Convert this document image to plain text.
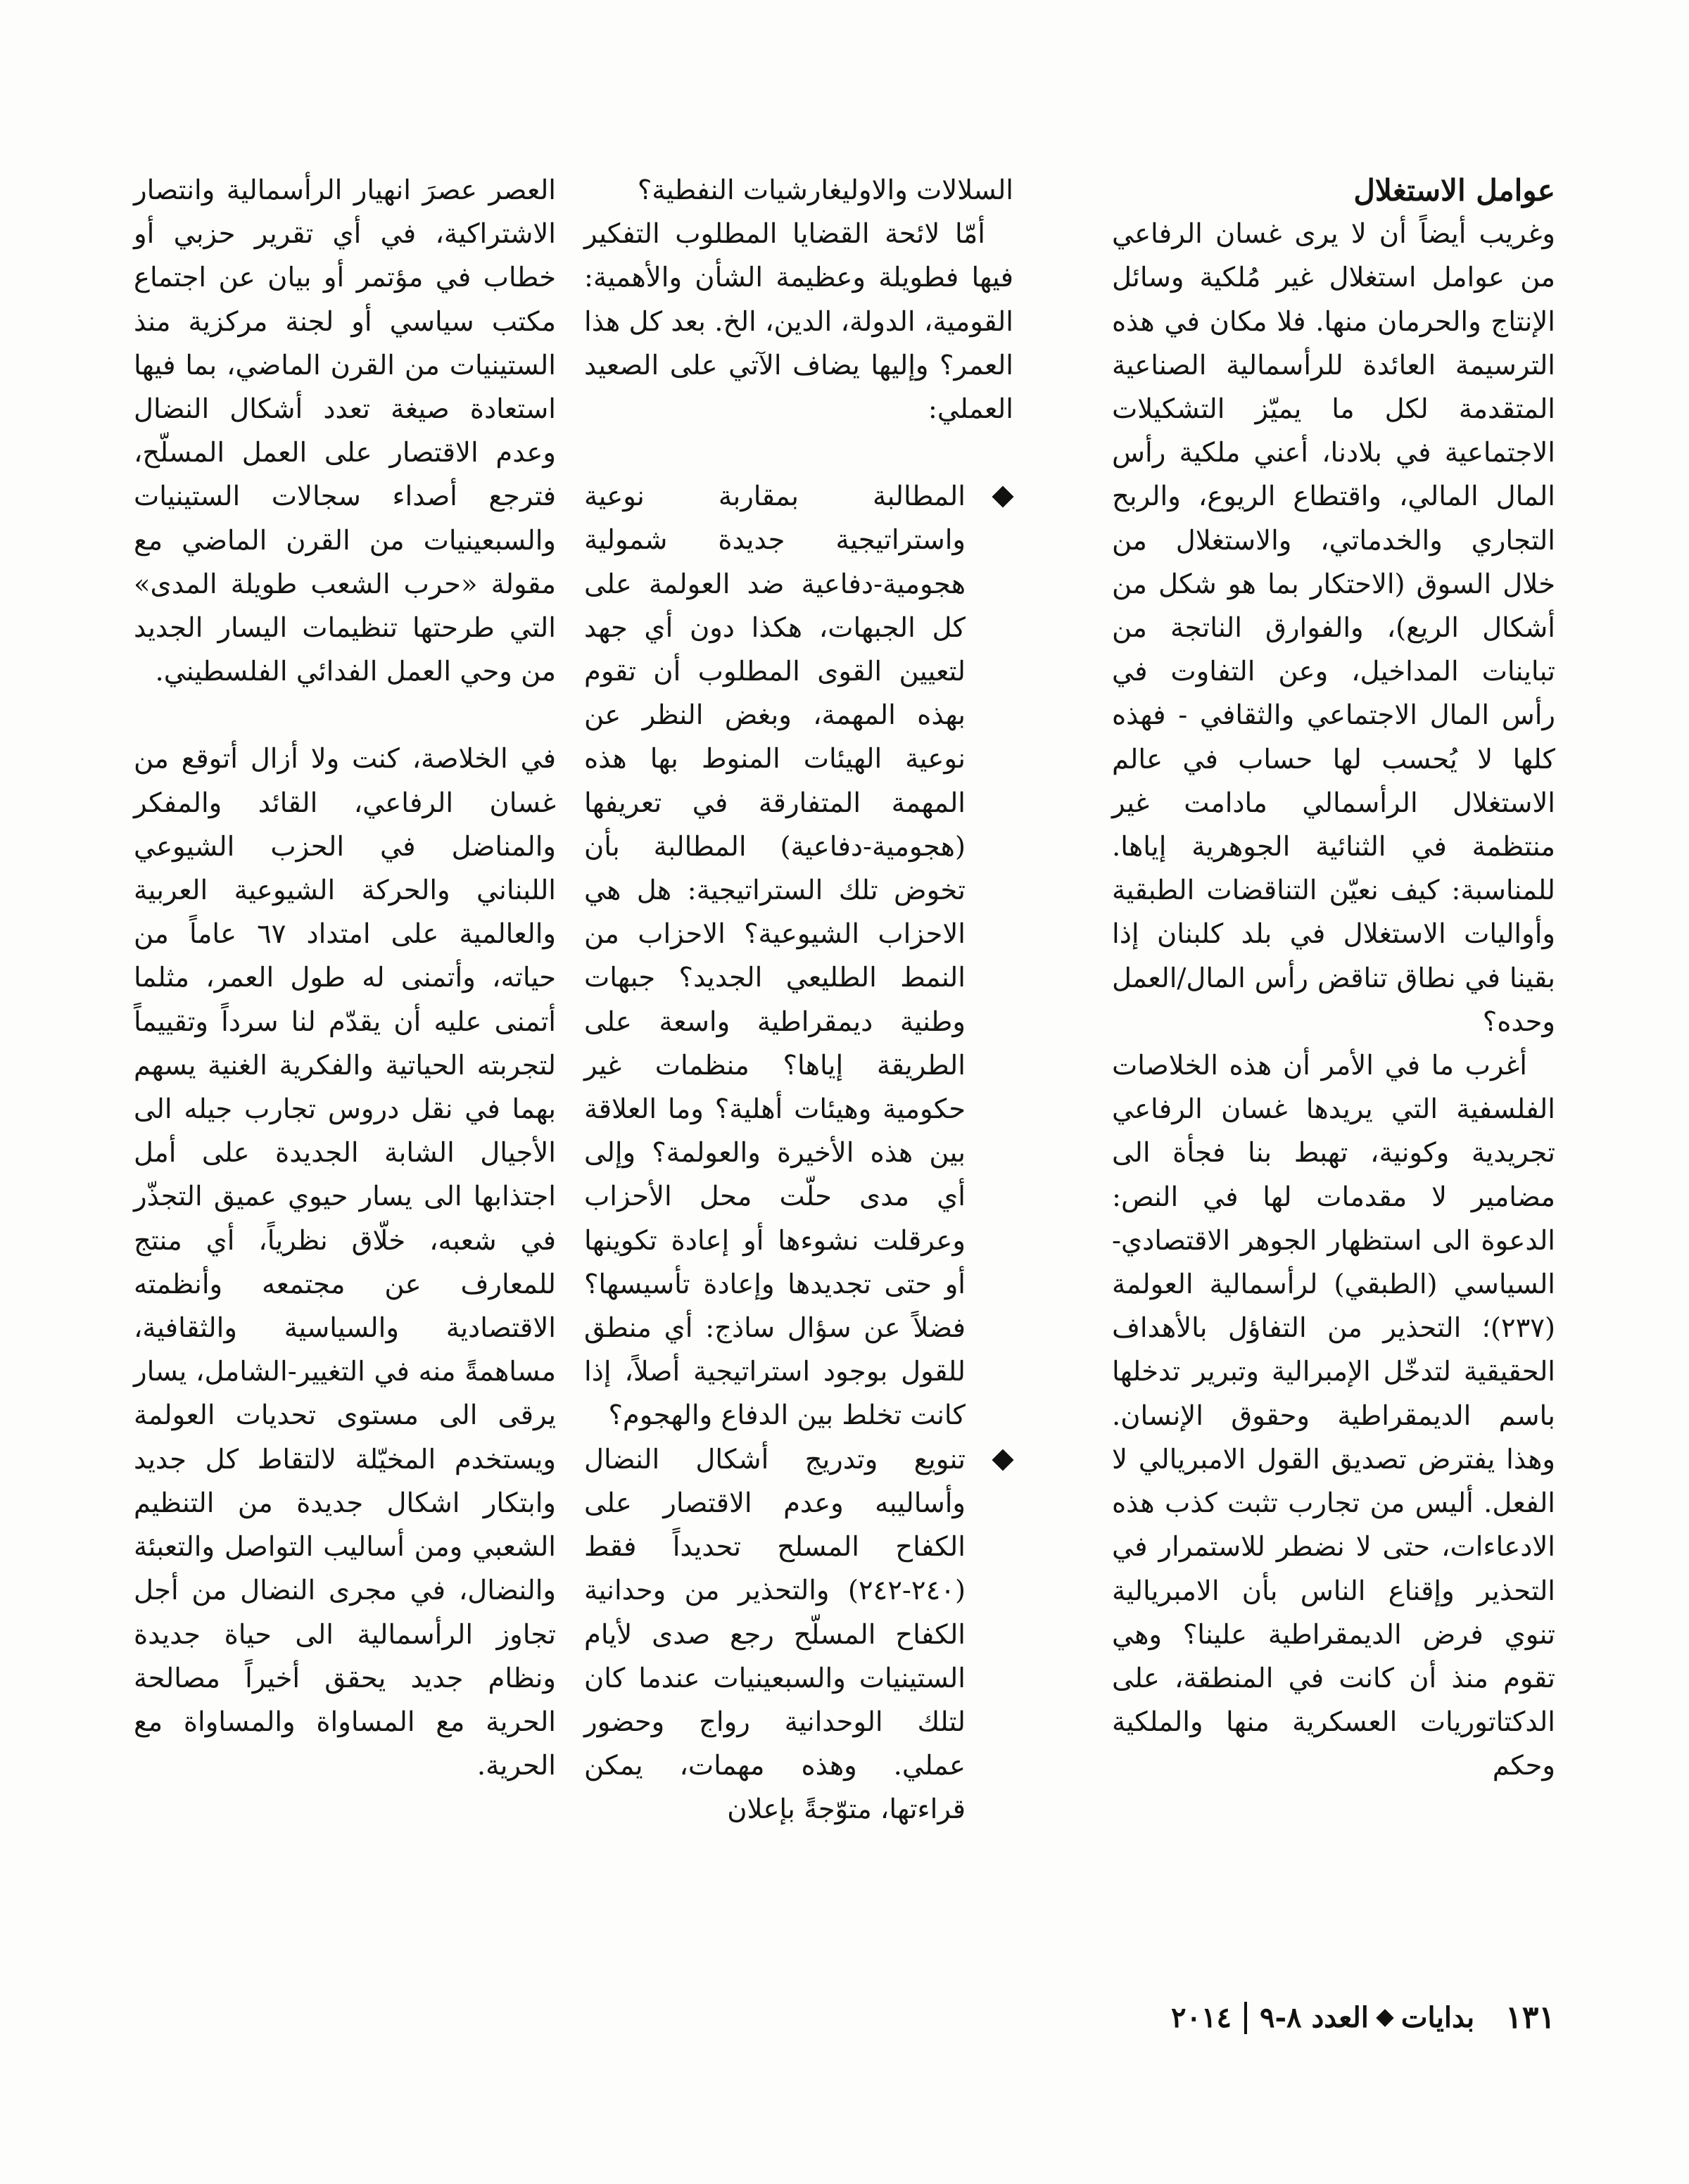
عوامل الاستغلال

وغريب أيضاً أن لا يرى غسان الرفاعي من عوامل استغلال غير مُلكية وسائل الإنتاج والحرمان منها. فلا مكان في هذه الترسيمة العائدة للرأسمالية الصناعية المتقدمة لكل ما يميّز التشكيلات الاجتماعية في بلادنا، أعني ملكية رأس المال المالي، واقتطاع الريوع، والربح التجاري والخدماتي، والاستغلال من خلال السوق (الاحتكار بما هو شكل من أشكال الريع)، والفوارق الناتجة من تباينات المداخيل، وعن التفاوت في رأس المال الاجتماعي والثقافي - فهذه كلها لا يُحسب لها حساب في عالم الاستغلال الرأسمالي مادامت غير منتظمة في الثنائية الجوهرية إياها. للمناسبة: كيف نعيّن التناقضات الطبقية وأواليات الاستغلال في بلد كلبنان إذا بقينا في نطاق تناقض رأس المال/العمل وحده؟

أغرب ما في الأمر أن هذه الخلاصات الفلسفية التي يريدها غسان الرفاعي تجريدية وكونية، تهبط بنا فجأة الى مضامير لا مقدمات لها في النص: الدعوة الى استظهار الجوهر الاقتصادي-السياسي (الطبقي) لرأسمالية العولمة (٢٣٧)؛ التحذير من التفاؤل بالأهداف الحقيقية لتدخّل الإمبرالية وتبرير تدخلها باسم الديمقراطية وحقوق الإنسان. وهذا يفترض تصديق القول الامبريالي لا الفعل. أليس من تجارب تثبت كذب هذه الادعاءات، حتى لا نضطر للاستمرار في التحذير وإقناع الناس بأن الامبريالية تنوي فرض الديمقراطية علينا؟ وهي تقوم منذ أن كانت في المنطقة، على الدكتاتوريات العسكرية منها والملكية وحكم

السلالات والاوليغارشيات النفطية؟

أمّا لائحة القضايا المطلوب التفكير فيها فطويلة وعظيمة الشأن والأهمية: القومية، الدولة، الدين، الخ. بعد كل هذا العمر؟ وإليها يضاف الآتي على الصعيد العملي:

المطالبة بمقاربة نوعية واستراتيجية جديدة شمولية هجومية-دفاعية ضد العولمة على كل الجبهات، هكذا دون أي جهد لتعيين القوى المطلوب أن تقوم بهذه المهمة، وبغض النظر عن نوعية الهيئات المنوط بها هذه المهمة المتفارقة في تعريفها (هجومية-دفاعية) المطالبة بأن تخوض تلك الستراتيجية: هل هي الاحزاب الشيوعية؟ الاحزاب من النمط الطليعي الجديد؟ جبهات وطنية ديمقراطية واسعة على الطريقة إياها؟ منظمات غير حكومية وهيئات أهلية؟ وما العلاقة بين هذه الأخيرة والعولمة؟ وإلى أي مدى حلّت محل الأحزاب وعرقلت نشوءها أو إعادة تكوينها أو حتى تجديدها وإعادة تأسيسها؟ فضلاً عن سؤال ساذج: أي منطق للقول بوجود استراتيجية أصلاً، إذا كانت تخلط بين الدفاع والهجوم؟
تنويع وتدريج أشكال النضال وأساليبه وعدم الاقتصار على الكفاح المسلح تحديداً فقط (٢٤٠-٢٤٢) والتحذير من وحدانية الكفاح المسلّح رجع صدى لأيام الستينيات والسبعينيات عندما كان لتلك الوحدانية رواج وحضور عملي. وهذه مهمات، يمكن قراءتها، متوّجةً بإعلان

العصر عصرَ انهيار الرأسمالية وانتصار الاشتراكية، في أي تقرير حزبي أو خطاب في مؤتمر أو بيان عن اجتماع مكتب سياسي أو لجنة مركزية منذ الستينيات من القرن الماضي، بما فيها استعادة صيغة تعدد أشكال النضال وعدم الاقتصار على العمل المسلّح، فترجع أصداء سجالات الستينيات والسبعينيات من القرن الماضي مع مقولة «حرب الشعب طويلة المدى» التي طرحتها تنظيمات اليسار الجديد من وحي العمل الفدائي الفلسطيني.

في الخلاصة، كنت ولا أزال أتوقع من غسان الرفاعي، القائد والمفكر والمناضل في الحزب الشيوعي اللبناني والحركة الشيوعية العربية والعالمية على امتداد ٦٧ عاماً من حياته، وأتمنى له طول العمر، مثلما أتمنى عليه أن يقدّم لنا سرداً وتقييماً لتجربته الحياتية والفكرية الغنية يسهم بهما في نقل دروس تجارب جيله الى الأجيال الشابة الجديدة على أمل اجتذابها الى يسار حيوي عميق التجذّر في شعبه، خلّاق نظرياً، أي منتج للمعارف عن مجتمعه وأنظمته الاقتصادية والسياسية والثقافية، مساهمةً منه في التغيير-الشامل، يسار يرقى الى مستوى تحديات العولمة ويستخدم المخيّلة لالتقاط كل جديد وابتكار اشكال جديدة من التنظيم الشعبي ومن أساليب التواصل والتعبئة والنضال، في مجرى النضال من أجل تجاوز الرأسمالية الى حياة جديدة ونظام جديد يحقق أخيراً مصالحة الحرية مع المساواة والمساواة مع الحرية.

١٣١
بدايات
العدد ٨-٩
٢٠١٤
